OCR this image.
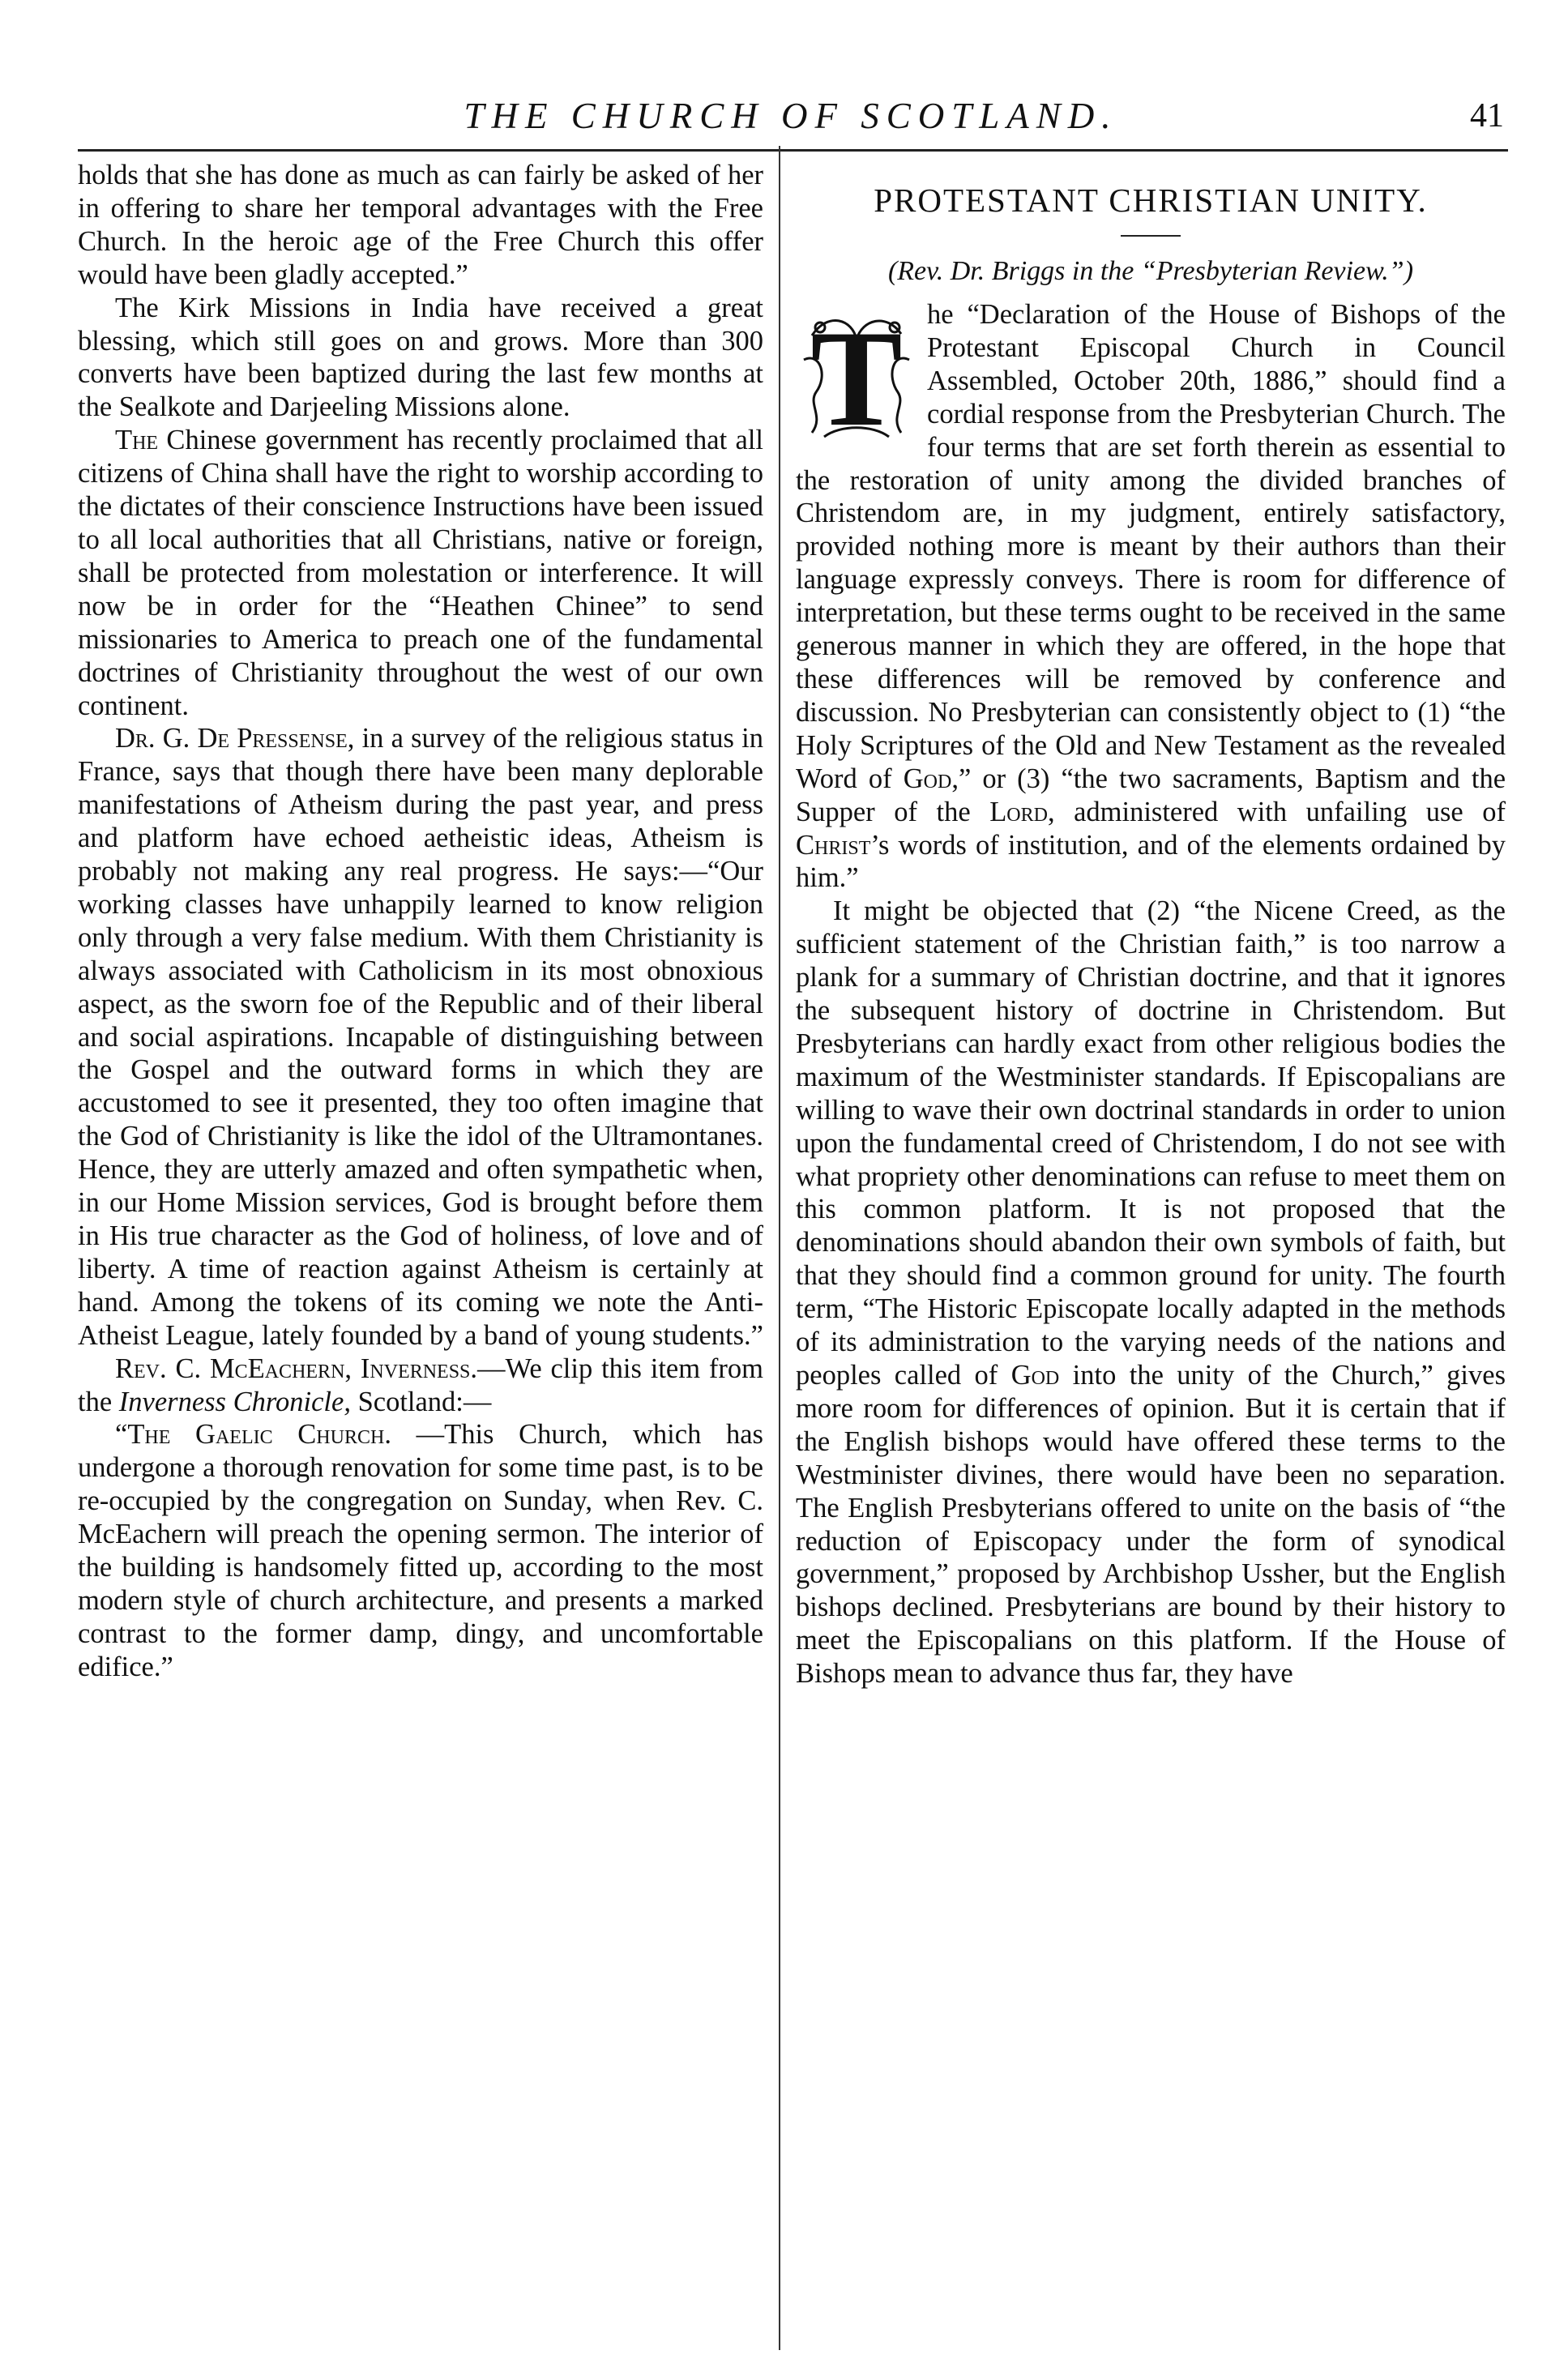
THE CHURCH OF SCOTLAND.	41

holds that she has done as much as can fairly be asked of her in offering to share her temporal advantages with the Free Church. In the heroic age of the Free Church this offer would have been gladly accepted.”

The Kirk Missions in India have received a great blessing, which still goes on and grows. More than 300 converts have been baptized during the last few months at the Sealkote and Darjeeling Missions alone.

The Chinese government has recently proclaimed that all citizens of China shall have the right to worship according to the dictates of their conscience Instructions have been issued to all local authorities that all Christians, native or foreign, shall be protected from molestation or interference. It will now be in order for the “Heathen Chinee” to send missionaries to America to preach one of the fundamental doctrines of Christianity throughout the west of our own continent.

Dr. G. De Pressense, in a survey of the religious status in France, says that though there have been many deplorable manifestations of Atheism during the past year, and press and platform have echoed aetheistic ideas, Atheism is probably not making any real progress. He says:—“Our working classes have unhappily learned to know religion only through a very false medium. With them Christianity is always associated with Catholicism in its most obnoxious aspect, as the sworn foe of the Republic and of their liberal and social aspirations. Incapable of distinguishing between the Gospel and the outward forms in which they are accustomed to see it presented, they too often imagine that the God of Christianity is like the idol of the Ultramontanes. Hence, they are utterly amazed and often sympathetic when, in our Home Mission services, God is brought before them in His true character as the God of holiness, of love and of liberty. A time of reaction against Atheism is certainly at hand. Among the tokens of its coming we note the Anti-Atheist League, lately founded by a band of young students.”

Rev. C. McEachern, Inverness.—We clip this item from the Inverness Chronicle, Scotland:—

“The Gaelic Church. —This Church, which has undergone a thorough renovation for some time past, is to be re-occupied by the congregation on Sunday, when Rev. C. McEachern will preach the opening sermon. The interior of the building is handsomely fitted up, according to the most modern style of church architecture, and presents a marked contrast to the former damp, dingy, and uncomfortable edifice.”

PROTESTANT CHRISTIAN UNITY.
(Rev. Dr. Briggs in the “Presbyterian Review.”)

T he “Declaration of the House of Bishops of the Protestant Episcopal Church in Council Assembled, October 20th, 1886,” should find a cordial response from the Presbyterian Church. The four terms that are set forth therein as essential to the restoration of unity among the divided branches of Christendom are, in my judgment, entirely satisfactory, provided nothing more is meant by their authors than their language expressly conveys. There is room for difference of interpretation, but these terms ought to be received in the same generous manner in which they are offered, in the hope that these differences will be removed by conference and discussion. No Presbyterian can consistently object to (1) “the Holy Scriptures of the Old and New Testament as the revealed Word of God,” or (3) “the two sacraments, Baptism and the Supper of the Lord, administered with unfailing use of Christ’s words of institution, and of the elements ordained by him.”

It might be objected that (2) “the Nicene Creed, as the sufficient statement of the Christian faith,” is too narrow a plank for a summary of Christian doctrine, and that it ignores the subsequent history of doctrine in Christendom. But Presbyterians can hardly exact from other religious bodies the maximum of the Westminister standards. If Episcopalians are willing to wave their own doctrinal standards in order to union upon the fundamental creed of Christendom, I do not see with what propriety other denominations can refuse to meet them on this common platform. It is not proposed that the denominations should abandon their own symbols of faith, but that they should find a common ground for unity. The fourth term, “The Historic Episcopate locally adapted in the methods of its administration to the varying needs of the nations and peoples called of God into the unity of the Church,” gives more room for differences of opinion. But it is certain that if the English bishops would have offered these terms to the Westminister divines, there would have been no separation. The English Presbyterians offered to unite on the basis of “the reduction of Episcopacy under the form of synodical government,” proposed by Archbishop Ussher, but the English bishops declined. Presbyterians are bound by their history to meet the Episcopalians on this platform. If the House of Bishops mean to advance thus far, they have
